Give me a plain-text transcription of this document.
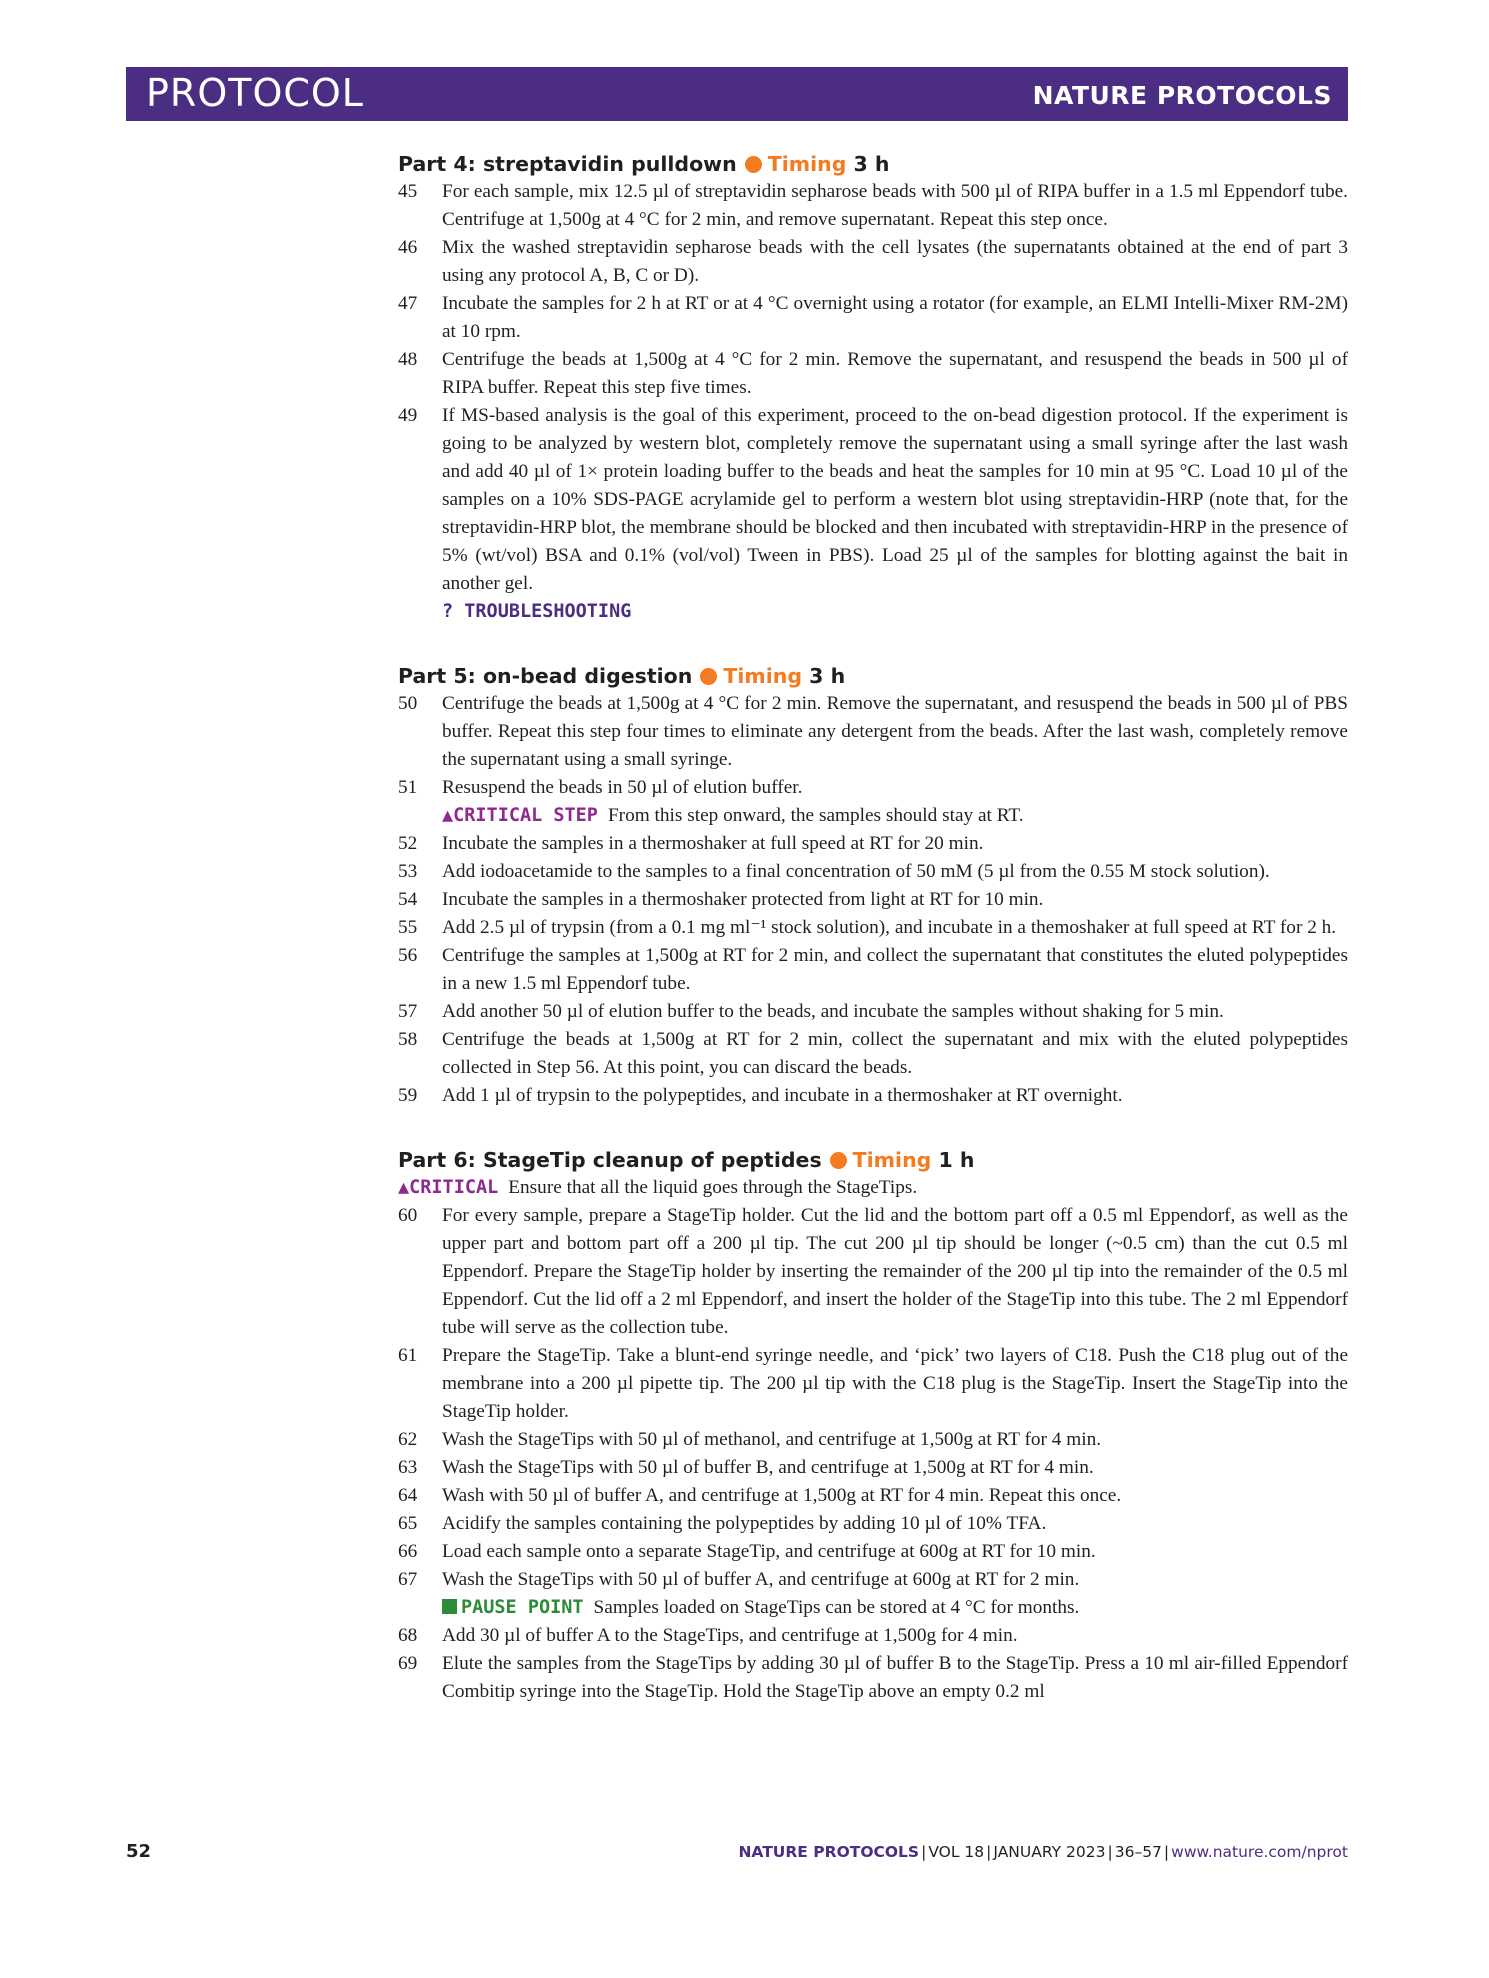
PROTOCOL	NATURE PROTOCOLS
Part 4: streptavidin pulldown Timing 3 h
45	For each sample, mix 12.5 µl of streptavidin sepharose beads with 500 µl of RIPA buffer in a 1.5 ml Eppendorf tube. Centrifuge at 1,500g at 4 °C for 2 min, and remove supernatant. Repeat this step once.
46	Mix the washed streptavidin sepharose beads with the cell lysates (the supernatants obtained at the end of part 3 using any protocol A, B, C or D).
47	Incubate the samples for 2 h at RT or at 4 °C overnight using a rotator (for example, an ELMI Intelli-Mixer RM-2M) at 10 rpm.
48	Centrifuge the beads at 1,500g at 4 °C for 2 min. Remove the supernatant, and resuspend the beads in 500 µl of RIPA buffer. Repeat this step five times.
49	If MS-based analysis is the goal of this experiment, proceed to the on-bead digestion protocol. If the experiment is going to be analyzed by western blot, completely remove the supernatant using a small syringe after the last wash and add 40 µl of 1× protein loading buffer to the beads and heat the samples for 10 min at 95 °C. Load 10 µl of the samples on a 10% SDS-PAGE acrylamide gel to perform a western blot using streptavidin-HRP (note that, for the streptavidin-HRP blot, the membrane should be blocked and then incubated with streptavidin-HRP in the presence of 5% (wt/vol) BSA and 0.1% (vol/vol) Tween in PBS). Load 25 µl of the samples for blotting against the bait in another gel.
? TROUBLESHOOTING
Part 5: on-bead digestion Timing 3 h
50	Centrifuge the beads at 1,500g at 4 °C for 2 min. Remove the supernatant, and resuspend the beads in 500 µl of PBS buffer. Repeat this step four times to eliminate any detergent from the beads. After the last wash, completely remove the supernatant using a small syringe.
51	Resuspend the beads in 50 µl of elution buffer.
▲CRITICAL STEP From this step onward, the samples should stay at RT.
52	Incubate the samples in a thermoshaker at full speed at RT for 20 min.
53	Add iodoacetamide to the samples to a final concentration of 50 mM (5 µl from the 0.55 M stock solution).
54	Incubate the samples in a thermoshaker protected from light at RT for 10 min.
55	Add 2.5 µl of trypsin (from a 0.1 mg ml⁻¹ stock solution), and incubate in a themoshaker at full speed at RT for 2 h.
56	Centrifuge the samples at 1,500g at RT for 2 min, and collect the supernatant that constitutes the eluted polypeptides in a new 1.5 ml Eppendorf tube.
57	Add another 50 µl of elution buffer to the beads, and incubate the samples without shaking for 5 min.
58	Centrifuge the beads at 1,500g at RT for 2 min, collect the supernatant and mix with the eluted polypeptides collected in Step 56. At this point, you can discard the beads.
59	Add 1 µl of trypsin to the polypeptides, and incubate in a thermoshaker at RT overnight.
Part 6: StageTip cleanup of peptides Timing 1 h
▲CRITICAL Ensure that all the liquid goes through the StageTips.
60	For every sample, prepare a StageTip holder. Cut the lid and the bottom part off a 0.5 ml Eppendorf, as well as the upper part and bottom part off a 200 µl tip. The cut 200 µl tip should be longer (~0.5 cm) than the cut 0.5 ml Eppendorf. Prepare the StageTip holder by inserting the remainder of the 200 µl tip into the remainder of the 0.5 ml Eppendorf. Cut the lid off a 2 ml Eppendorf, and insert the holder of the StageTip into this tube. The 2 ml Eppendorf tube will serve as the collection tube.
61	Prepare the StageTip. Take a blunt-end syringe needle, and ‘pick’ two layers of C18. Push the C18 plug out of the membrane into a 200 µl pipette tip. The 200 µl tip with the C18 plug is the StageTip. Insert the StageTip into the StageTip holder.
62	Wash the StageTips with 50 µl of methanol, and centrifuge at 1,500g at RT for 4 min.
63	Wash the StageTips with 50 µl of buffer B, and centrifuge at 1,500g at RT for 4 min.
64	Wash with 50 µl of buffer A, and centrifuge at 1,500g at RT for 4 min. Repeat this once.
65	Acidify the samples containing the polypeptides by adding 10 µl of 10% TFA.
66	Load each sample onto a separate StageTip, and centrifuge at 600g at RT for 10 min.
67	Wash the StageTips with 50 µl of buffer A, and centrifuge at 600g at RT for 2 min.
PAUSE POINT Samples loaded on StageTips can be stored at 4 °C for months.
68	Add 30 µl of buffer A to the StageTips, and centrifuge at 1,500g for 4 min.
69	Elute the samples from the StageTips by adding 30 µl of buffer B to the StageTip. Press a 10 ml air-filled Eppendorf Combitip syringe into the StageTip. Hold the StageTip above an empty 0.2 ml
52	NATURE PROTOCOLS | VOL 18 | JANUARY 2023 | 36–57 | www.nature.com/nprot
